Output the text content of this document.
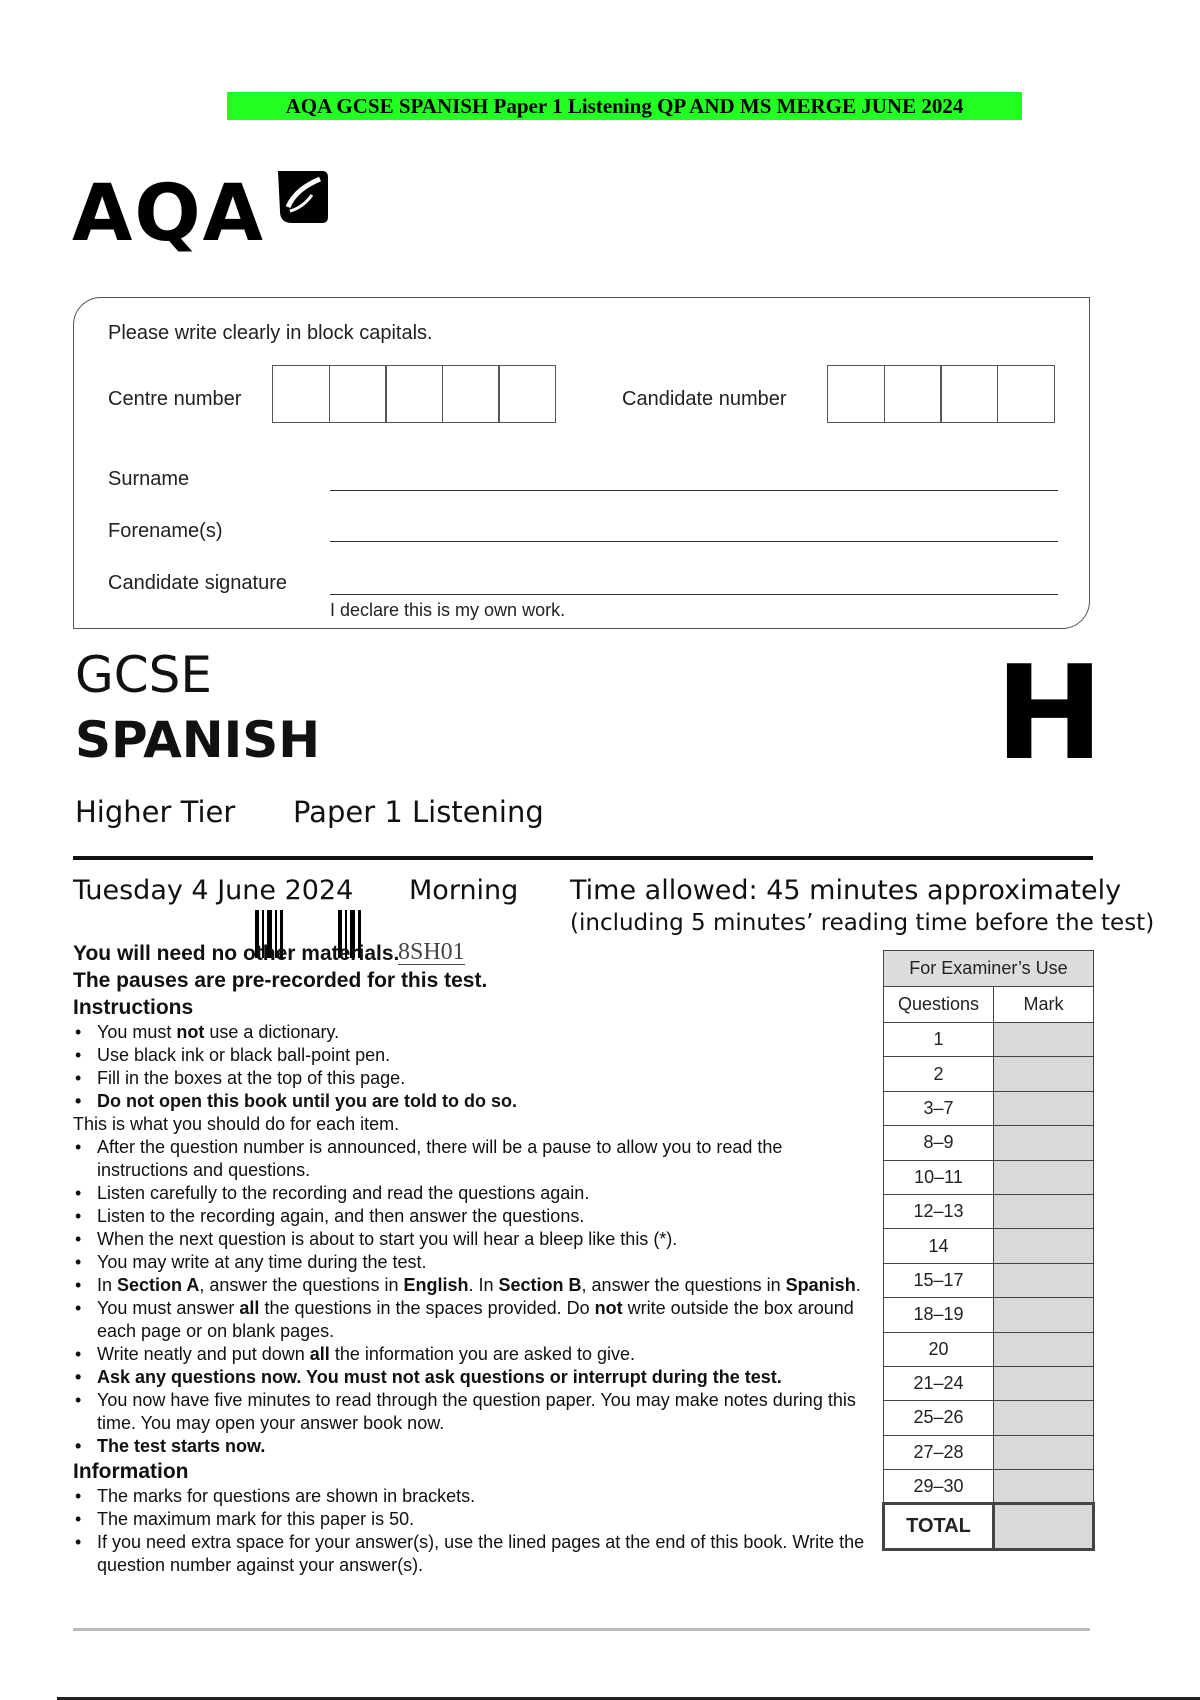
AQA GCSE SPANISH Paper 1 Listening QP AND MS MERGE JUNE 2024
AQA
Please write clearly in block capitals.
Centre number	Candidate number
Surname
Forename(s)
Candidate signature
I declare this is my own work.
GCSE
SPANISH	H
Higher Tier Paper 1 Listening
Tuesday 4 June 2024 Morning Time allowed: 45 minutes approximately
(including 5 minutes’ reading time before the test)
8SH01
You will need no other materials.
The pauses are pre-recorded for this test.
Instructions
• You must not use a dictionary.
• Use black ink or black ball-point pen.
• Fill in the boxes at the top of this page.
• Do not open this book until you are told to do so.
This is what you should do for each item.
• After the question number is announced, there will be a pause to allow you to read the instructions and questions.
• Listen carefully to the recording and read the questions again.
• Listen to the recording again, and then answer the questions.
• When the next question is about to start you will hear a bleep like this (*).
• You may write at any time during the test.
• In Section A, answer the questions in English. In Section B, answer the questions in Spanish.
• You must answer all the questions in the spaces provided. Do not write outside the box around each page or on blank pages.
• Write neatly and put down all the information you are asked to give.
• Ask any questions now. You must not ask questions or interrupt during the test.
• You now have five minutes to read through the question paper. You may make notes during this time. You may open your answer book now.
• The test starts now.
Information
• The marks for questions are shown in brackets.
• The maximum mark for this paper is 50.
• If you need extra space for your answer(s), use the lined pages at the end of this book. Write the question number against your answer(s).
For Examiner’s Use	
Questions	Mark
1	
2	
3–7	
8–9	
10–11	
12–13	
14	
15–17	
18–19	
20	
21–24	
25–26	
27–28	
29–30	
TOTAL	
